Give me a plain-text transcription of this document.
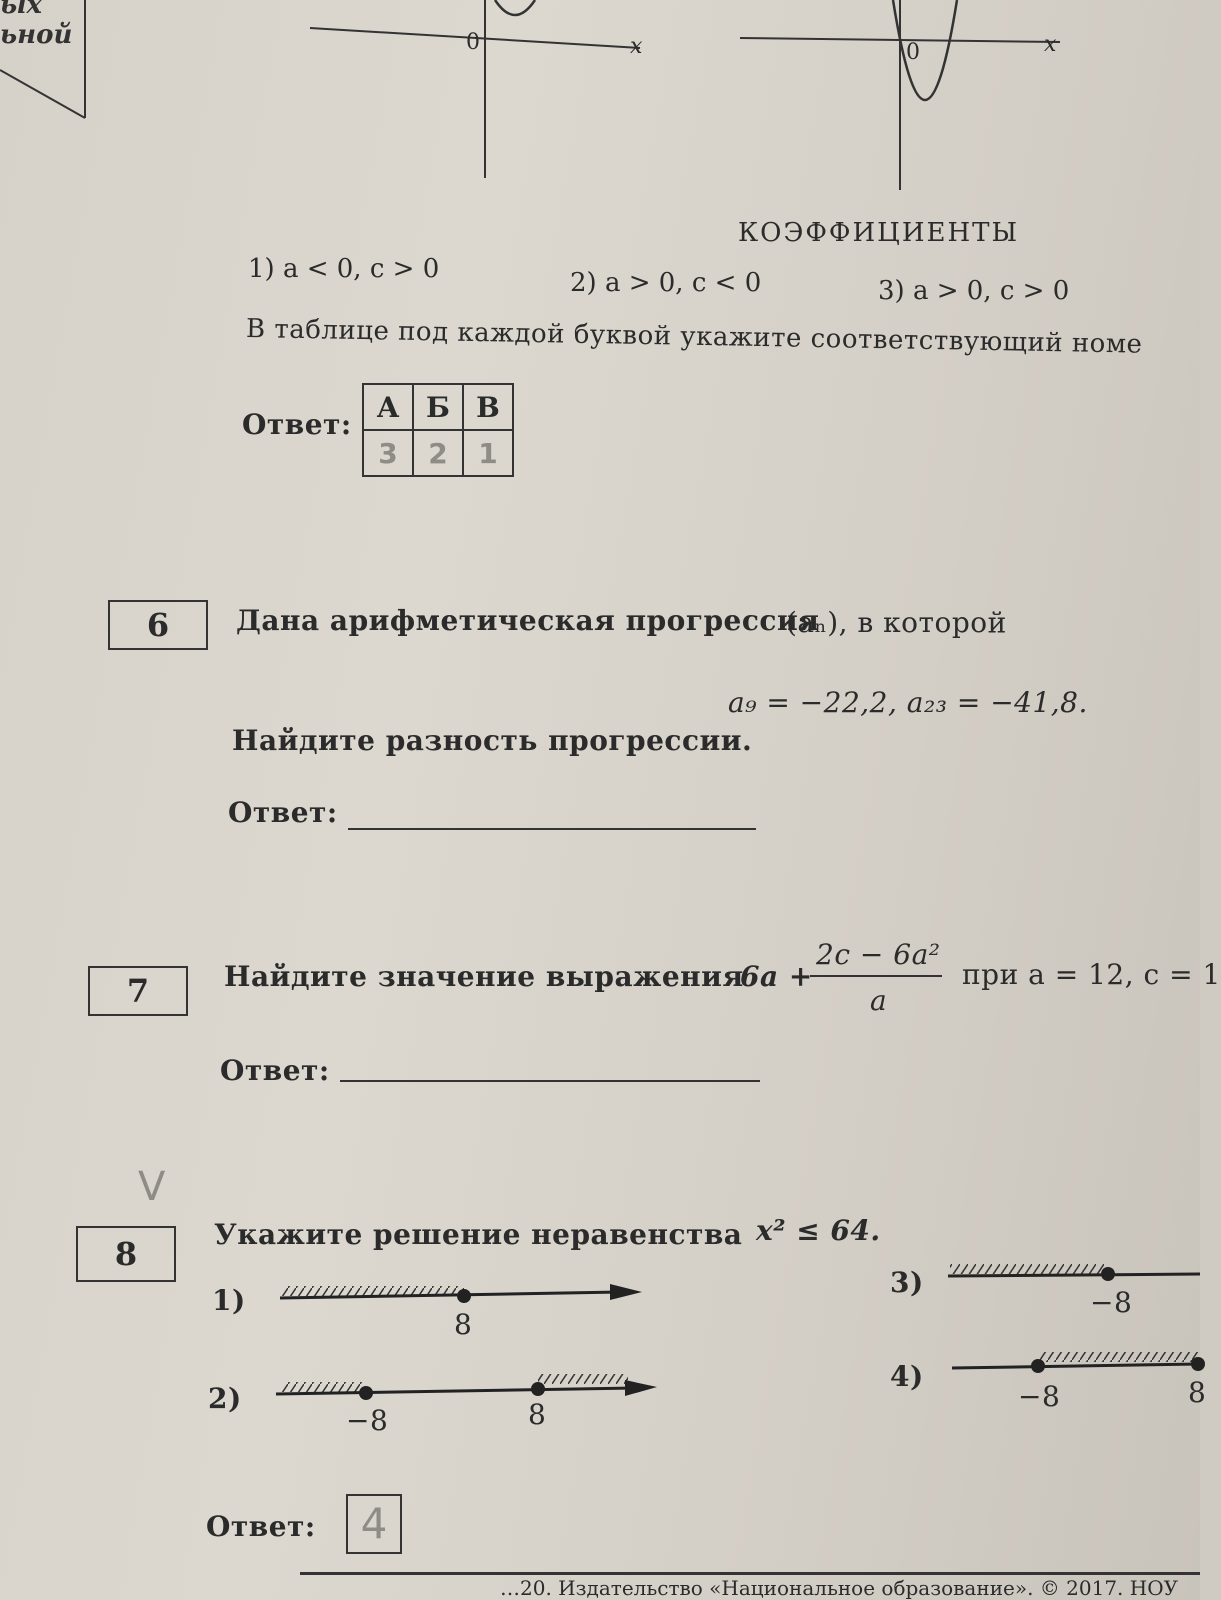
ых
ьной	0	x	0	x
КОЭФФИЦИЕНТЫ
1) a < 0, c > 0	2) a > 0, c < 0	3) a > 0, c > 0
В таблице под каждой буквой укажите соответствующий номе
Ответ:
А	Б	В
3	2	1
6	Дана арифметическая прогрессия
(aₙ), в которой
a₉ = −22,2, a₂₃ = −41,8.
Найдите разность прогрессии.
Ответ:
7	Найдите значение выражения
6a +
2c − 6a²
a
при a = 12, c = 1
Ответ:
V
8
Укажите решение неравенства x² ≤ 64.
1)
2)
3)
4)
8
−8	8
−8
−8	8
Ответ:	4
…20. Издательство «Национальное образование». © 2017. НОУ
